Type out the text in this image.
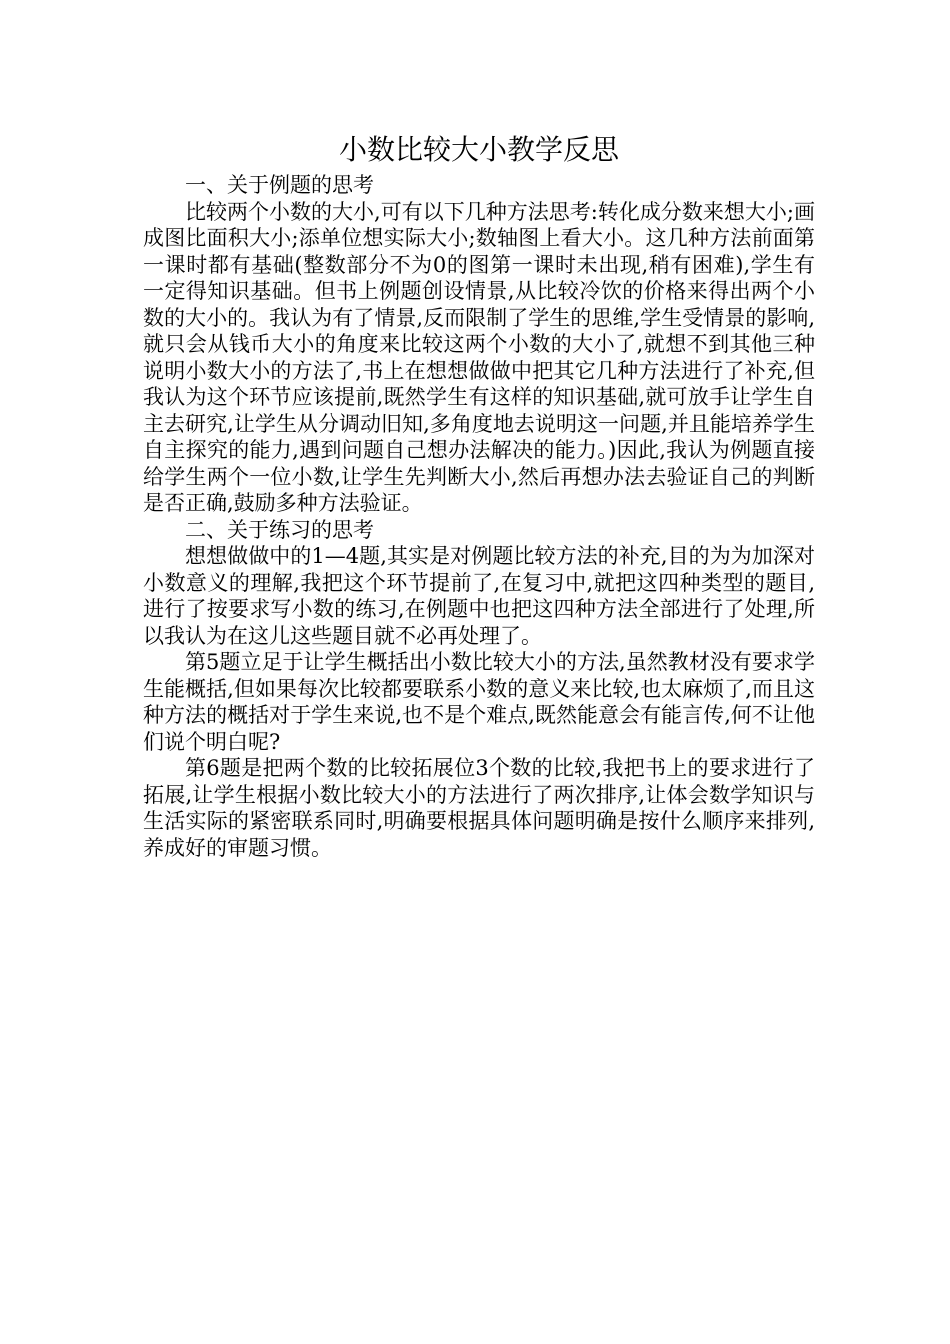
小数比较大小教学反思

一、关于例题的思考

比较两个小数的大小,可有以下几种方法思考:转化成分数来想大小;画成图比面积大小;添单位想实际大小;数轴图上看大小。这几种方法前面第一课时都有基础(整数部分不为0的图第一课时未出现,稍有困难),学生有一定得知识基础。但书上例题创设情景,从比较冷饮的价格来得出两个小数的大小的。我认为有了情景,反而限制了学生的思维,学生受情景的影响,就只会从钱币大小的角度来比较这两个小数的大小了,就想不到其他三种说明小数大小的方法了,书上在想想做做中把其它几种方法进行了补充,但我认为这个环节应该提前,既然学生有这样的知识基础,就可放手让学生自主去研究,让学生从分调动旧知,多角度地去说明这一问题,并且能培养学生自主探究的能力,遇到问题自己想办法解决的能力。)因此,我认为例题直接给学生两个一位小数,让学生先判断大小,然后再想办法去验证自己的判断是否正确,鼓励多种方法验证。

二、关于练习的思考

想想做做中的1—4题,其实是对例题比较方法的补充,目的为为加深对小数意义的理解,我把这个环节提前了,在复习中,就把这四种类型的题目,进行了按要求写小数的练习,在例题中也把这四种方法全部进行了处理,所以我认为在这儿这些题目就不必再处理了。

第5题立足于让学生概括出小数比较大小的方法,虽然教材没有要求学生能概括,但如果每次比较都要联系小数的意义来比较,也太麻烦了,而且这种方法的概括对于学生来说,也不是个难点,既然能意会有能言传,何不让他们说个明白呢?

第6题是把两个数的比较拓展位3个数的比较,我把书上的要求进行了拓展,让学生根据小数比较大小的方法进行了两次排序,让体会数学知识与生活实际的紧密联系同时,明确要根据具体问题明确是按什么顺序来排列,养成好的审题习惯。
